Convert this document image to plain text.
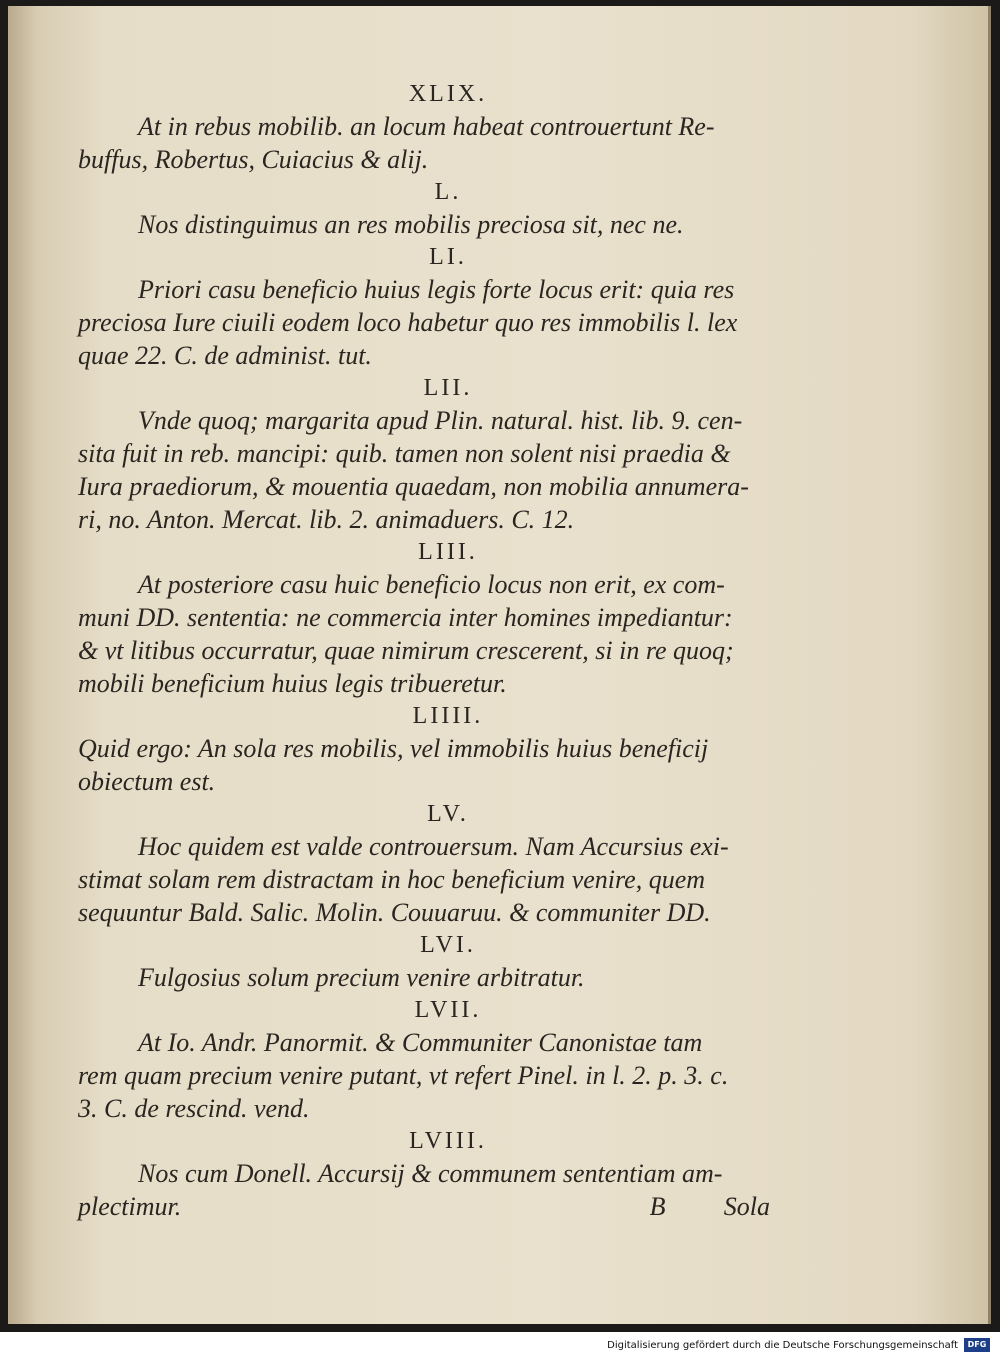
XLIX.
At in rebus mobilib. an locum habeat controuertunt Re-
buffus, Robertus, Cuiacius & alij.
L.
Nos distinguimus an res mobilis preciosa sit, nec ne.
LI.
Priori casu beneficio huius legis forte locus erit: quia res
preciosa Iure ciuili eodem loco habetur quo res immobilis l. lex
quae 22. C. de administ. tut.
LII.
Vnde quoq; margarita apud Plin. natural. hist. lib. 9. cen-
sita fuit in reb. mancipi: quib. tamen non solent nisi praedia &
Iura praediorum, & mouentia quaedam, non mobilia annumera-
ri, no. Anton. Mercat. lib. 2. animaduers. C. 12.
LIII.
At posteriore casu huic beneficio locus non erit, ex com-
muni DD. sententia: ne commercia inter homines impediantur:
& vt litibus occurratur, quae nimirum crescerent, si in re quoq;
mobili beneficium huius legis tribueretur.
LIIII.
Quid ergo: An sola res mobilis, vel immobilis huius beneficij
obiectum est.
LV.
Hoc quidem est valde controuersum. Nam Accursius exi-
stimat solam rem distractam in hoc beneficium venire, quem
sequuntur Bald. Salic. Molin. Couuaruu. & communiter DD.
LVI.
Fulgosius solum precium venire arbitratur.
LVII.
At Io. Andr. Panormit. & Communiter Canonistae tam
rem quam precium venire putant, vt refert Pinel. in l. 2. p. 3. c.
3. C. de rescind. vend.
LVIII.
Nos cum Donell. Accursij & communem sententiam am-
plectimur.	B Sola
Digitalisierung gefördert durch die Deutsche Forschungsgemeinschaft	DFG
